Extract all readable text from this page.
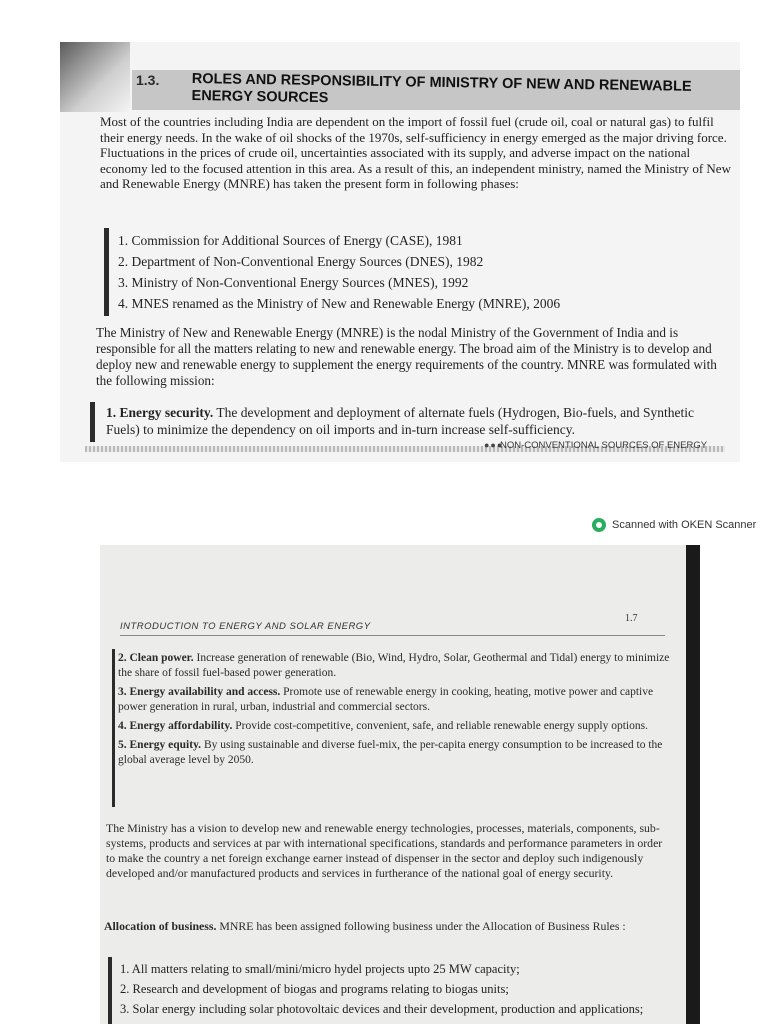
1.3. ROLES AND RESPONSIBILITY OF MINISTRY OF NEW AND RENEWABLE ENERGY SOURCES
Most of the countries including India are dependent on the import of fossil fuel (crude oil, coal or natural gas) to fulfil their energy needs. In the wake of oil shocks of the 1970s, self-sufficiency in energy emerged as the major driving force. Fluctuations in the prices of crude oil, uncertainties associated with its supply, and adverse impact on the national economy led to the focused attention in this area. As a result of this, an independent ministry, named the Ministry of New and Renewable Energy (MNRE) has taken the present form in following phases:
1. Commission for Additional Sources of Energy (CASE), 1981
2. Department of Non-Conventional Energy Sources (DNES), 1982
3. Ministry of Non-Conventional Energy Sources (MNES), 1992
4. MNES renamed as the Ministry of New and Renewable Energy (MNRE), 2006
The Ministry of New and Renewable Energy (MNRE) is the nodal Ministry of the Government of India and is responsible for all the matters relating to new and renewable energy. The broad aim of the Ministry is to develop and deploy new and renewable energy to supplement the energy requirements of the country. MNRE was formulated with the following mission:
1. Energy security. The development and deployment of alternate fuels (Hydrogen, Bio-fuels, and Synthetic Fuels) to minimize the dependency on oil imports and in-turn increase self-sufficiency.
●●●
NON-CONVENTIONAL SOURCES OF ENERGY
Scanned with OKEN Scanner
INTRODUCTION TO ENERGY AND SOLAR ENERGY
1.7
2. Clean power. Increase generation of renewable (Bio, Wind, Hydro, Solar, Geothermal and Tidal) energy to minimize the share of fossil fuel-based power generation.
3. Energy availability and access. Promote use of renewable energy in cooking, heating, motive power and captive power generation in rural, urban, industrial and commercial sectors.
4. Energy affordability. Provide cost-competitive, convenient, safe, and reliable renewable energy supply options.
5. Energy equity. By using sustainable and diverse fuel-mix, the per-capita energy consumption to be increased to the global average level by 2050.
The Ministry has a vision to develop new and renewable energy technologies, processes, materials, components, sub-systems, products and services at par with international specifications, standards and performance parameters in order to make the country a net foreign exchange earner instead of dispenser in the sector and deploy such indigenously developed and/or manufactured products and services in furtherance of the national goal of energy security.
Allocation of business. MNRE has been assigned following business under the Allocation of Business Rules :
1. All matters relating to small/mini/micro hydel projects upto 25 MW capacity;
2. Research and development of biogas and programs relating to biogas units;
3. Solar energy including solar photovoltaic devices and their development, production and applications;
